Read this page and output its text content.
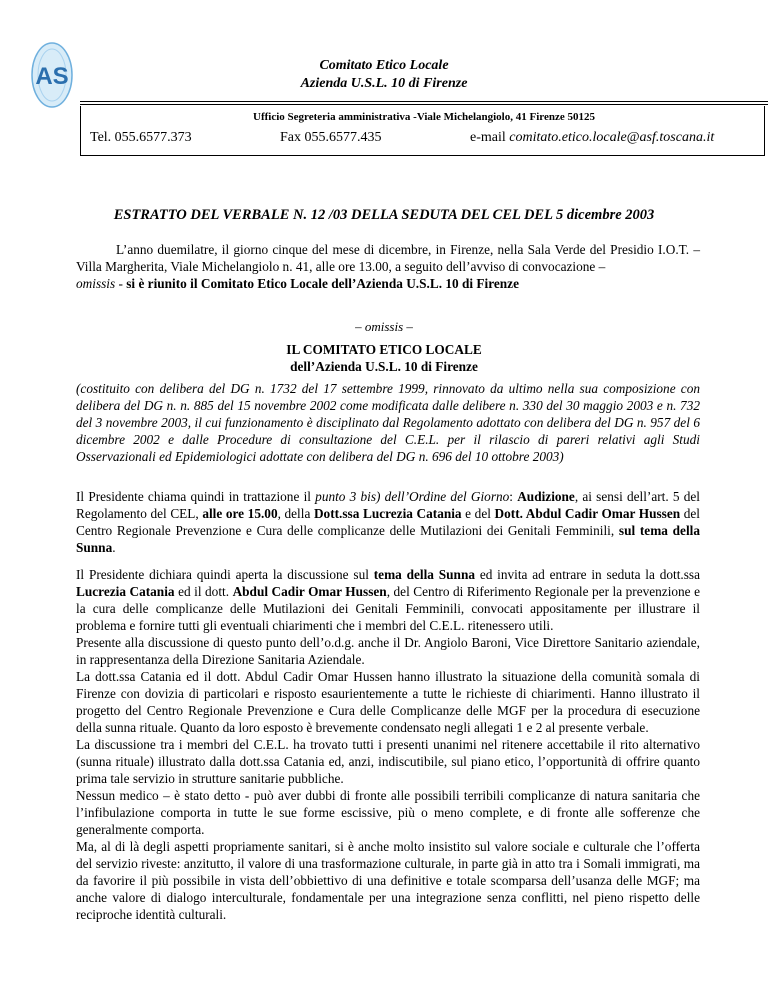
AS	Comitato Etico Locale
Azienda U.S.L. 10 di Firenze
Ufficio Segreteria amministrativa -Viale Michelangiolo, 41 Firenze 50125
Tel. 055.6577.373	Fax 055.6577.435	e-mail comitato.etico.locale@asf.toscana.it
ESTRATTO DEL VERBALE N. 12 /03 DELLA SEDUTA DEL CEL DEL 5 dicembre 2003

L’anno duemilatre, il giorno cinque del mese di dicembre, in Firenze, nella Sala Verde del Presidio I.O.T. – Villa Margherita, Viale Michelangiolo n. 41, alle ore 13.00, a seguito dell’avviso di convocazione –
omissis - si è riunito il Comitato Etico Locale dell’Azienda U.S.L. 10 di Firenze

– omissis –
IL COMITATO ETICO LOCALE
dell’Azienda U.S.L. 10 di Firenze

(costituito con delibera del DG n. 1732 del 17 settembre 1999, rinnovato da ultimo nella sua composizione con delibera del DG n. n. 885 del 15 novembre 2002 come modificata dalle delibere n. 330 del 30 maggio 2003 e n. 732 del 3 novembre 2003, il cui funzionamento è disciplinato dal Regolamento adottato con delibera del DG n. 957 del 6 dicembre 2002 e dalle Procedure di consultazione del C.E.L. per il rilascio di pareri relativi agli Studi Osservazionali ed Epidemiologici adottate con delibera del DG n. 696 del 10 ottobre 2003)

Il Presidente chiama quindi in trattazione il punto 3 bis) dell’Ordine del Giorno: Audizione, ai sensi dell’art. 5 del Regolamento del CEL, alle ore 15.00, della Dott.ssa Lucrezia Catania e del Dott. Abdul Cadir Omar Hussen del Centro Regionale Prevenzione e Cura delle complicanze delle Mutilazioni dei Genitali Femminili, sul tema della Sunna.

Il Presidente dichiara quindi aperta la discussione sul tema della Sunna ed invita ad entrare in seduta la dott.ssa Lucrezia Catania ed il dott. Abdul Cadir Omar Hussen, del Centro di Riferimento Regionale per la prevenzione e la cura delle complicanze delle Mutilazioni dei Genitali Femminili, convocati appositamente per illustrare il problema e fornire tutti gli eventuali chiarimenti che i membri del C.E.L. ritenessero utili.
Presente alla discussione di questo punto dell’o.d.g. anche il Dr. Angiolo Baroni, Vice Direttore Sanitario aziendale, in rappresentanza della Direzione Sanitaria Aziendale.
La dott.ssa Catania ed il dott. Abdul Cadir Omar Hussen hanno illustrato la situazione della comunità somala di Firenze con dovizia di particolari e risposto esaurientemente a tutte le richieste di chiarimenti. Hanno illustrato il progetto del Centro Regionale Prevenzione e Cura delle Complicanze delle MGF per la procedura di esecuzione della sunna rituale. Quanto da loro esposto è brevemente condensato negli allegati 1 e 2 al presente verbale.
La discussione tra i membri del C.E.L. ha trovato tutti i presenti unanimi nel ritenere accettabile il rito alternativo (sunna rituale) illustrato dalla dott.ssa Catania ed, anzi, indiscutibile, sul piano etico, l’opportunità di offrire quanto prima tale servizio in strutture sanitarie pubbliche.
Nessun medico – è stato detto - può aver dubbi di fronte alle possibili terribili complicanze di natura sanitaria che l’infibulazione comporta in tutte le sue forme escissive, più o meno complete, e di fronte alle sofferenze che generalmente comporta.
Ma, al di là degli aspetti propriamente sanitari, si è anche molto insistito sul valore sociale e culturale che l’offerta del servizio riveste: anzitutto, il valore di una trasformazione culturale, in parte già in atto tra i Somali immigrati, ma da favorire il più possibile in vista dell’obbiettivo di una definitive e totale scomparsa dell’usanza delle MGF; ma anche valore di dialogo interculturale, fondamentale per una integrazione senza conflitti, nel pieno rispetto delle reciproche identità culturali.
